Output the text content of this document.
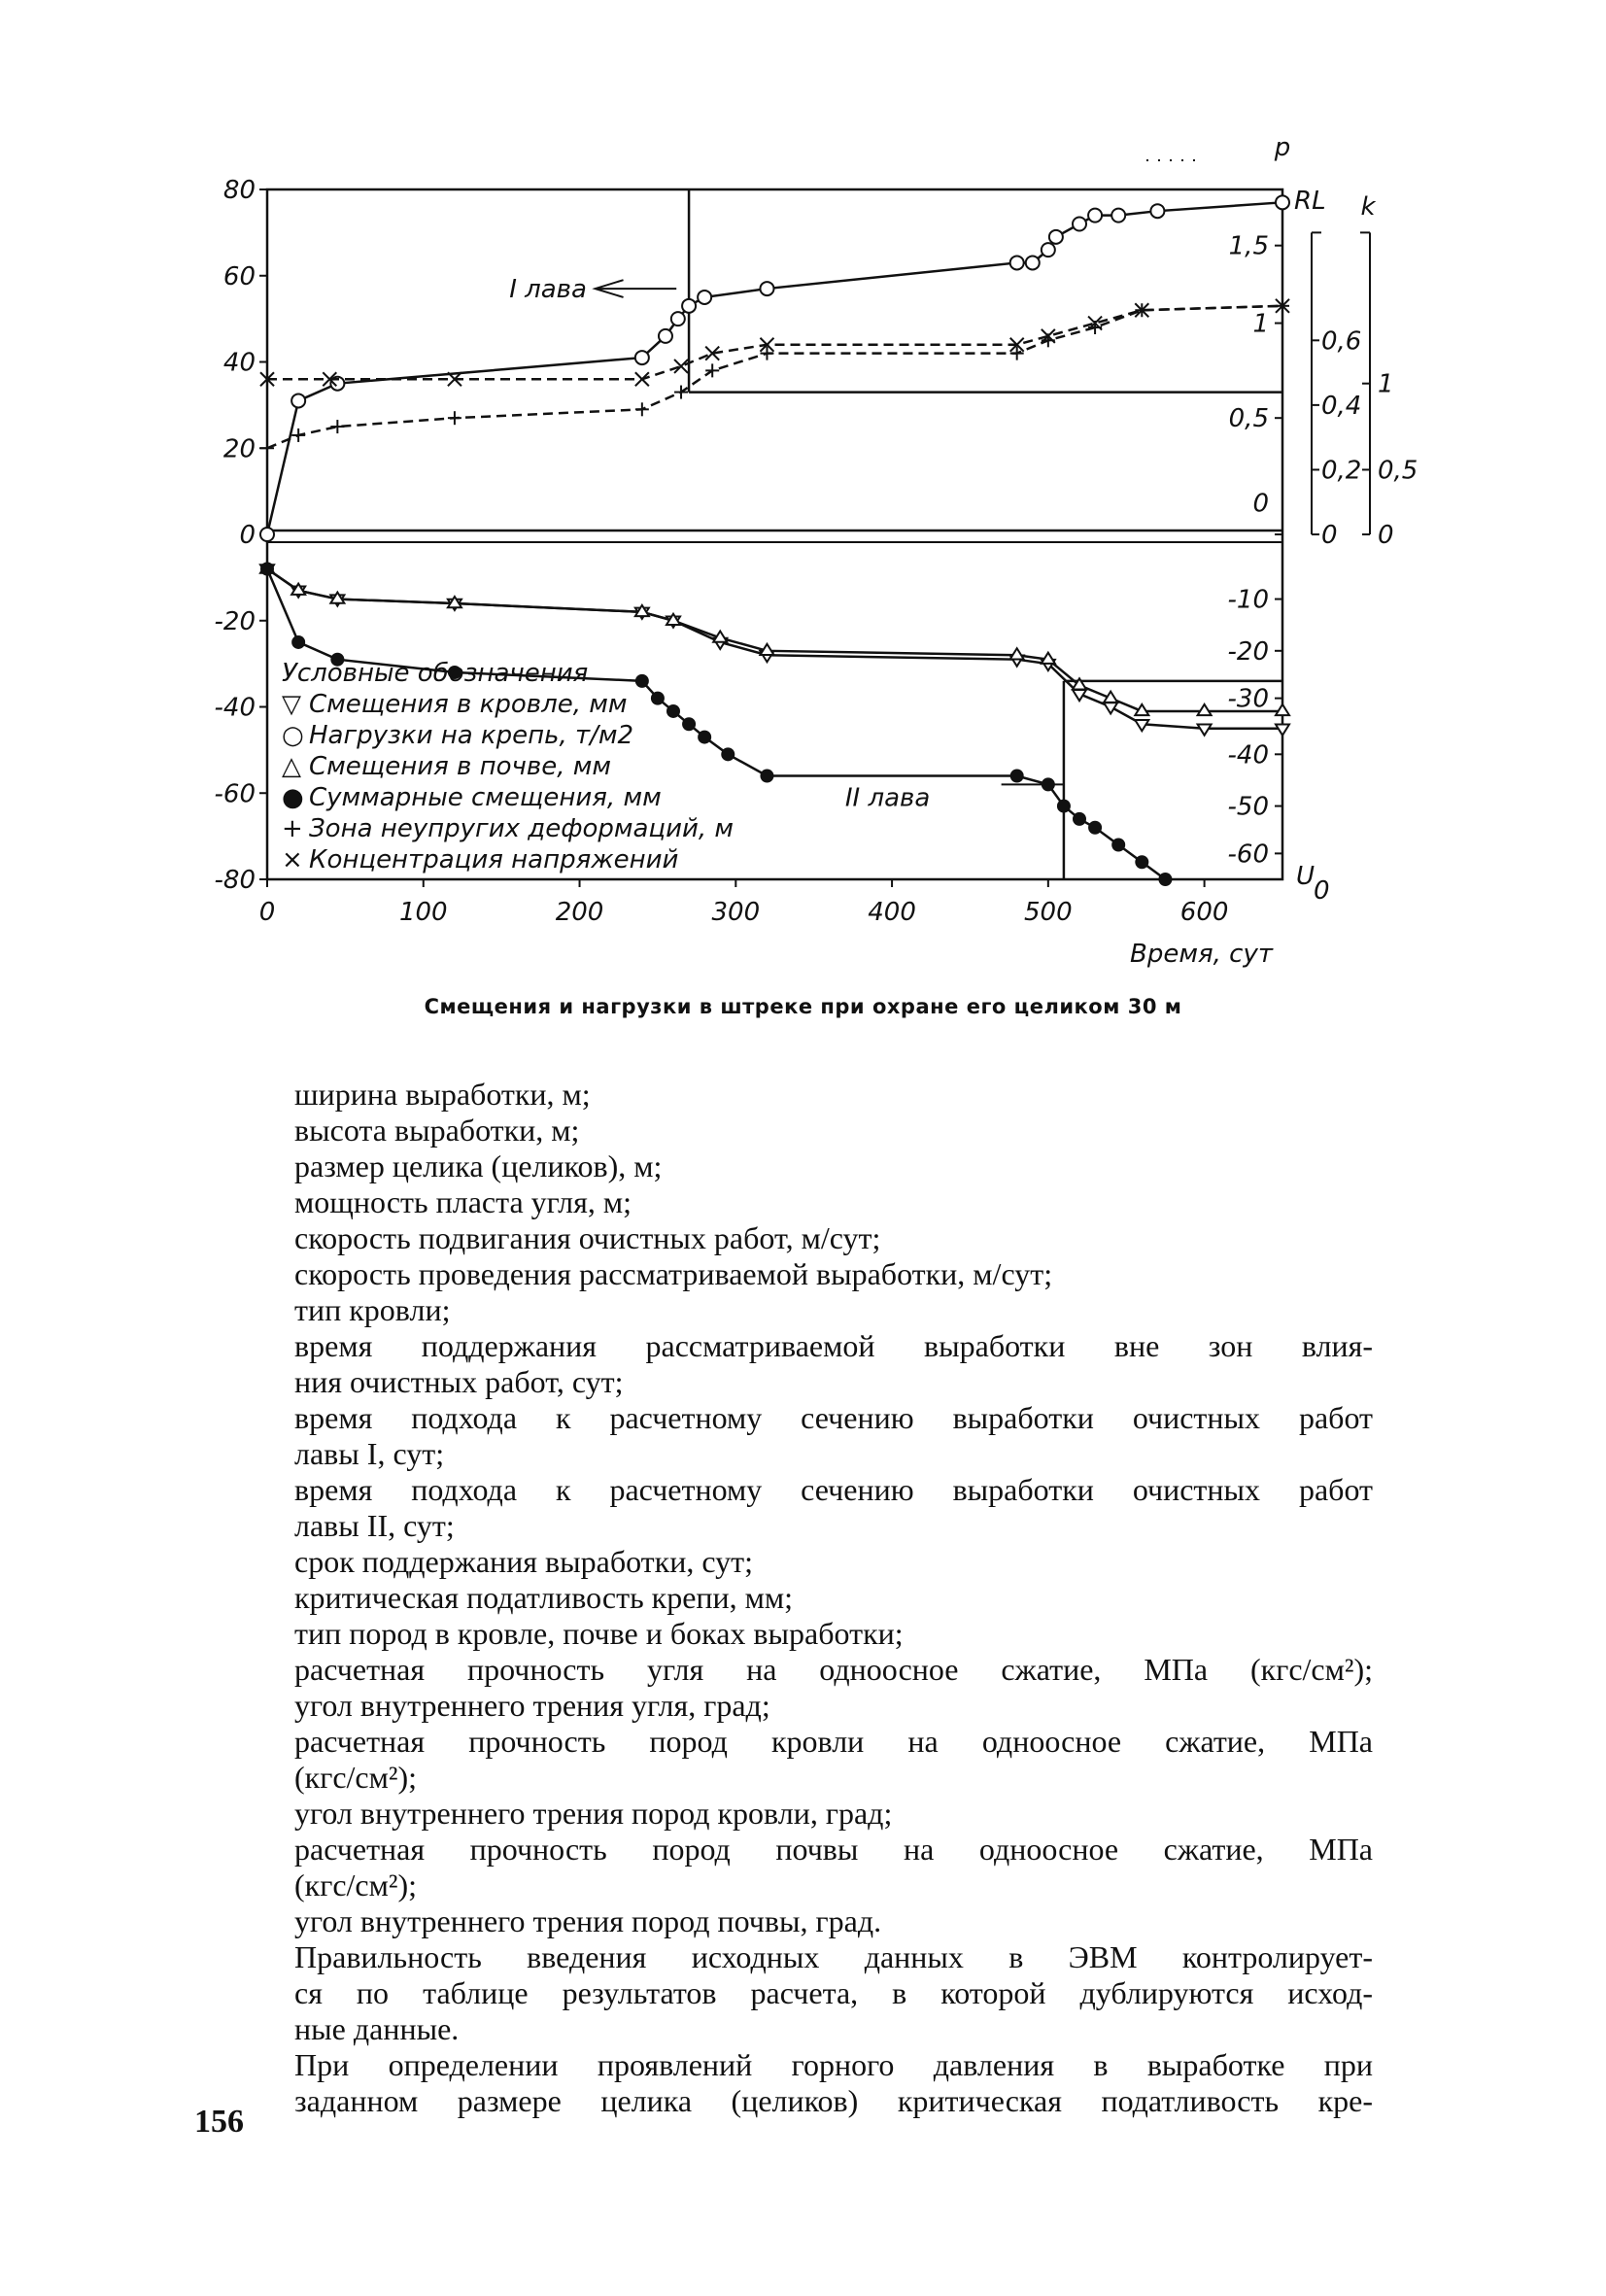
80
60
40
20
0
-20
-40
-60
-80
0	100	200	300	400	500	600
Время, сут
p
1,5
1
0,5
0
-10
-20
-30
-40
-50
-60
RL
0,6
0,4
0,2
0
k
1
0,5
0
U
0
I лава
II лава
Условные обозначения
▽ Смещения в кровле, мм
○ Нагрузки на крепь, т/м2
△ Смещения в почве, мм
● Суммарные смещения, мм
+ Зона неупругих деформаций, м
× Концентрация напряжений
Смещения и нагрузки в штреке при охране его целиком 30 м
ширина выработки, м;
высота выработки, м;
размер целика (целиков), м;
мощность пласта угля, м;
скорость подвигания очистных работ, м/сут;
скорость проведения рассматриваемой выработки, м/сут;
тип кровли;
время поддержания рассматриваемой выработки вне зон влия-
ния очистных работ, сут;
время подхода к расчетному сечению выработки очистных работ
лавы I, сут;
время подхода к расчетному сечению выработки очистных работ
лавы II, сут;
срок поддержания выработки, сут;
критическая податливость крепи, мм;
тип пород в кровле, почве и боках выработки;
расчетная прочность угля на одноосное сжатие, МПа (кгс/см²);
угол внутреннего трения угля, град;
расчетная прочность пород кровли на одноосное сжатие, МПа
(кгс/см²);
угол внутреннего трения пород кровли, град;
расчетная прочность пород почвы на одноосное сжатие, МПа
(кгс/см²);
угол внутреннего трения пород почвы, град.
Правильность введения исходных данных в ЭВМ контролирует-
ся по таблице результатов расчета, в которой дублируются исход-
ные данные.
При определении проявлений горного давления в выработке при
заданном размере целика (целиков) критическая податливость кре-
156
